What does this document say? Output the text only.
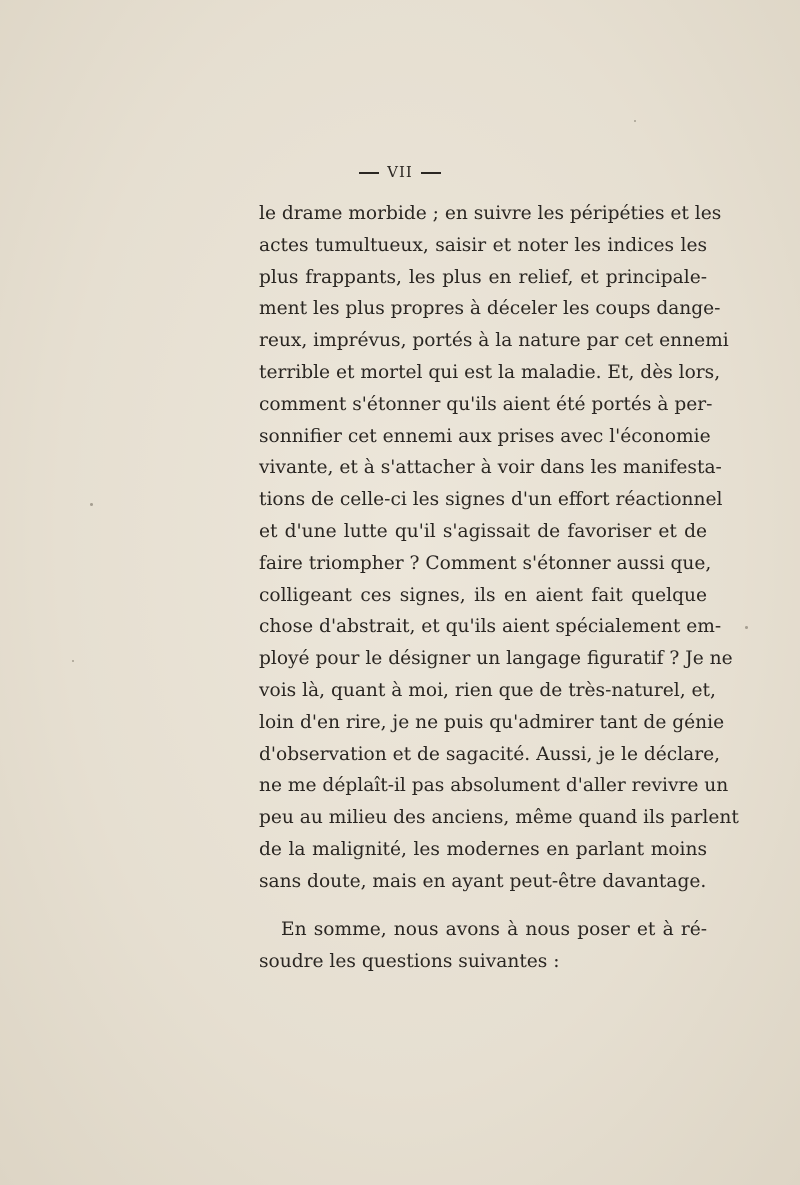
VII
le drame morbide ; en suivre les péripéties et les
actes tumultueux, saisir et noter les indices les
plus frappants, les plus en relief, et principale-
ment les plus propres à déceler les coups dange-
reux, imprévus, portés à la nature par cet ennemi
terrible et mortel qui est la maladie. Et, dès lors,
comment s'étonner qu'ils aient été portés à per-
sonnifier cet ennemi aux prises avec l'économie
vivante, et à s'attacher à voir dans les manifesta-
tions de celle-ci les signes d'un effort réactionnel
et d'une lutte qu'il s'agissait de favoriser et de
faire triompher ? Comment s'étonner aussi que,
colligeant ces signes, ils en aient fait quelque
chose d'abstrait, et qu'ils aient spécialement em-
ployé pour le désigner un langage figuratif ? Je ne
vois là, quant à moi, rien que de très-naturel, et,
loin d'en rire, je ne puis qu'admirer tant de génie
d'observation et de sagacité. Aussi, je le déclare,
ne me déplaît-il pas absolument d'aller revivre un
peu au milieu des anciens, même quand ils parlent
de la malignité, les modernes en parlant moins
sans doute, mais en ayant peut-être davantage.
En somme, nous avons à nous poser et à ré-
soudre les questions suivantes :
